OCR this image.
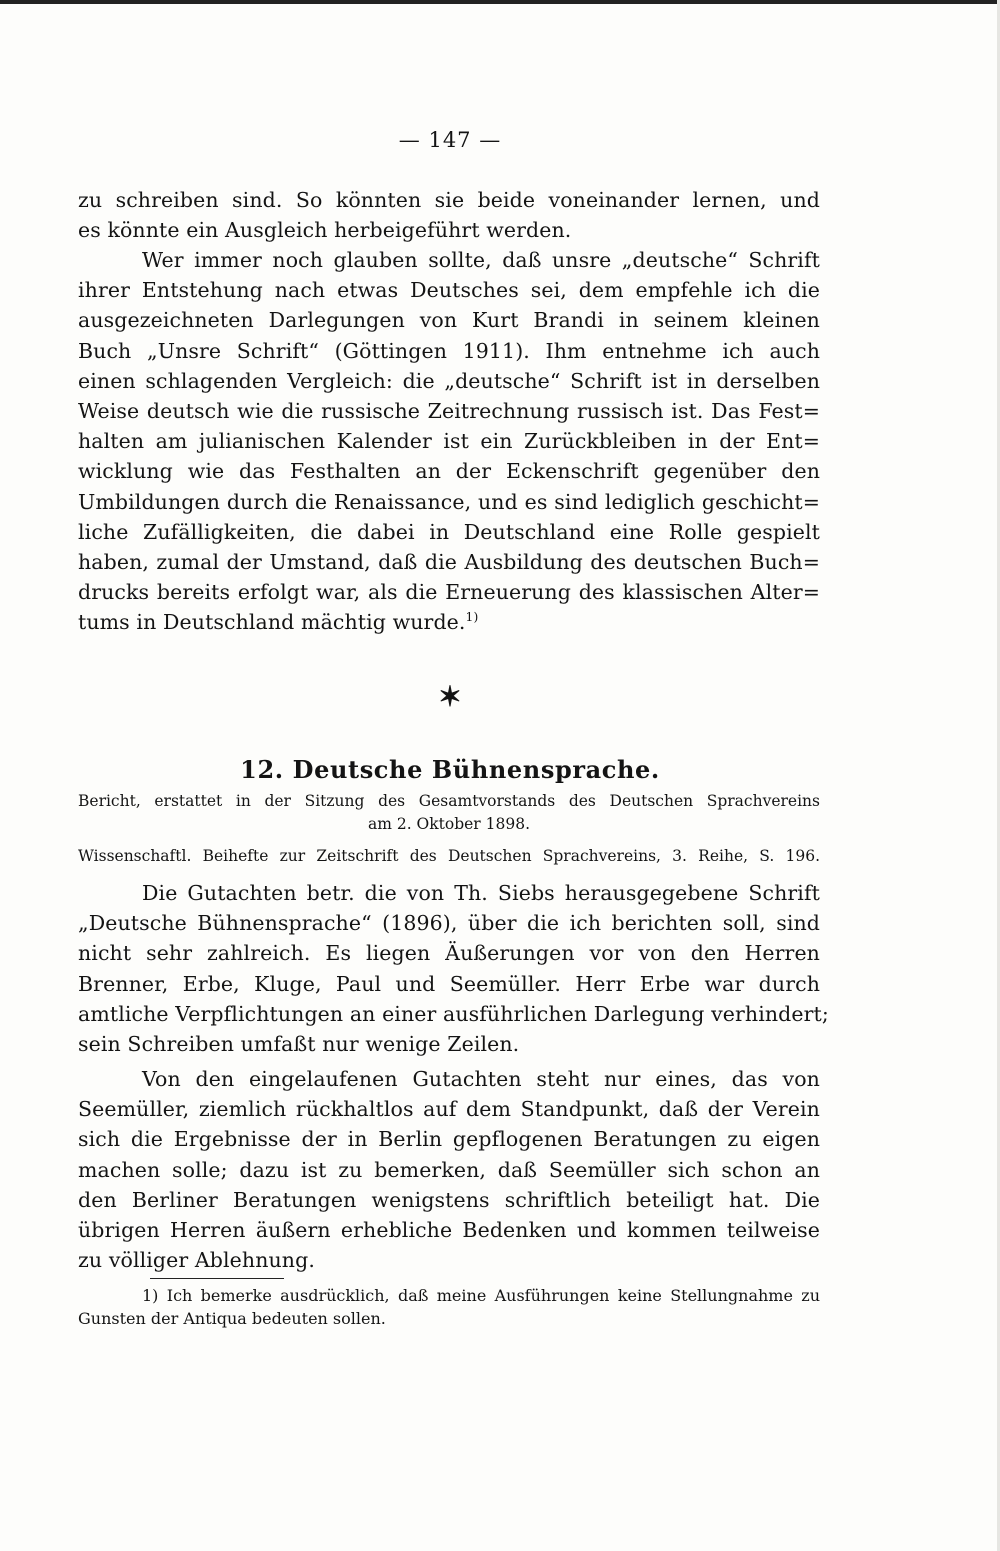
— 147 —
zu schreiben sind. So könnten sie beide voneinander lernen, und
es könnte ein Ausgleich herbeigeführt werden.
Wer immer noch glauben sollte, daß unsre „deutsche“ Schrift
ihrer Entstehung nach etwas Deutsches sei, dem empfehle ich die
ausgezeichneten Darlegungen von Kurt Brandi in seinem kleinen
Buch „Unsre Schrift“ (Göttingen 1911). Ihm entnehme ich auch
einen schlagenden Vergleich: die „deutsche“ Schrift ist in derselben
Weise deutsch wie die russische Zeitrechnung russisch ist. Das Fest=
halten am julianischen Kalender ist ein Zurückbleiben in der Ent=
wicklung wie das Festhalten an der Eckenschrift gegenüber den
Umbildungen durch die Renaissance, und es sind lediglich geschicht=
liche Zufälligkeiten, die dabei in Deutschland eine Rolle gespielt
haben, zumal der Umstand, daß die Ausbildung des deutschen Buch=
drucks bereits erfolgt war, als die Erneuerung des klassischen Alter=
tums in Deutschland mächtig wurde.$^{1)}$
✶
12. Deutsche Bühnensprache.
Bericht, erstattet in der Sitzung des Gesamtvorstands des Deutschen Sprachvereins
am 2. Oktober 1898.
Wissenschaftl. Beihefte zur Zeitschrift des Deutschen Sprachvereins, 3. Reihe, S. 196.
Die Gutachten betr. die von Th. Siebs herausgegebene Schrift
„Deutsche Bühnensprache“ (1896), über die ich berichten soll, sind
nicht sehr zahlreich. Es liegen Äußerungen vor von den Herren
Brenner, Erbe, Kluge, Paul und Seemüller. Herr Erbe war durch
amtliche Verpflichtungen an einer ausführlichen Darlegung verhindert;
sein Schreiben umfaßt nur wenige Zeilen.
Von den eingelaufenen Gutachten steht nur eines, das von
Seemüller, ziemlich rückhaltlos auf dem Standpunkt, daß der Verein
sich die Ergebnisse der in Berlin gepflogenen Beratungen zu eigen
machen solle; dazu ist zu bemerken, daß Seemüller sich schon an
den Berliner Beratungen wenigstens schriftlich beteiligt hat. Die
übrigen Herren äußern erhebliche Bedenken und kommen teilweise
zu völliger Ablehnung.
1) Ich bemerke ausdrücklich, daß meine Ausführungen keine Stellungnahme zu
Gunsten der Antiqua bedeuten sollen.
